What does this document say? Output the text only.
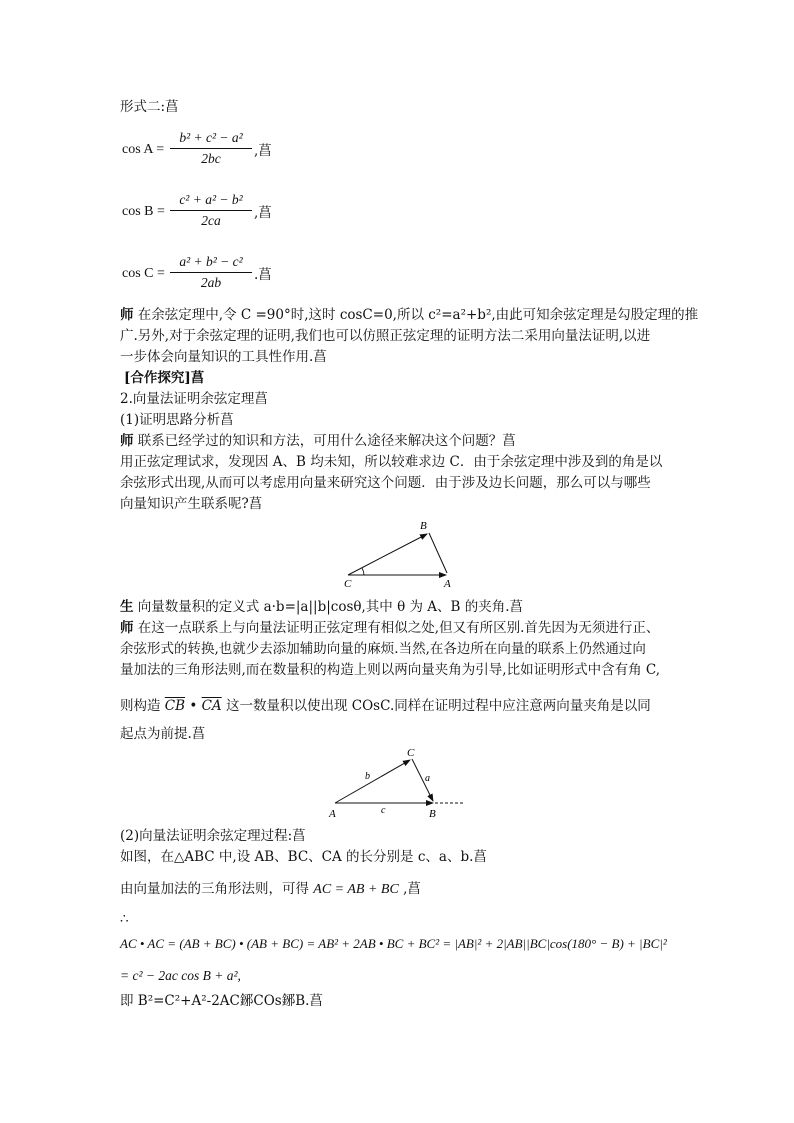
形式二:菖
cos A =
b² + c² − a²
2bc	,菖
cos B =
c² + a² − b²
2ca	,菖
cos C =
a² + b² − c²
2ab	.菖
师 在余弦定理中,令 C =90°时,这时 cosC=0,所以 c²=a²+b²,由此可知余弦定理是勾股定理的推
广.另外,对于余弦定理的证明,我们也可以仿照正弦定理的证明方法二采用向量法证明,以进
一步体会向量知识的工具性作用.菖
[合作探究]菖
2.向量法证明余弦定理菖
(1)证明思路分析菖
师 联系已经学过的知识和方法，可用什么途径来解决这个问题？菖
用正弦定理试求，发现因 A、B 均未知，所以较难求边 C．由于余弦定理中涉及到的角是以
余弦形式出现,从而可以考虑用向量来研究这个问题．由于涉及边长问题，那么可以与哪些
向量知识产生联系呢?菖
B
C	A
生 向量数量积的定义式 a·b=|a||b|cosθ,其中 θ 为 A、B 的夹角.菖
师 在这一点联系上与向量法证明正弦定理有相似之处,但又有所区别.首先因为无须进行正、
余弦形式的转换,也就少去添加辅助向量的麻烦.当然,在各边所在向量的联系上仍然通过向
量加法的三角形法则,而在数量积的构造上则以两向量夹角为引导,比如证明形式中含有角 C,
则构造 $\overline{CB}$ • $\overline{CA}$ 这一数量积以使出现 COsC.同样在证明过程中应注意两向量夹角是以同
起点为前提.菖
C
b	a
A	c	B
(2)向量法证明余弦定理过程:菖
如图，在△ABC 中,设 AB、BC、CA 的长分别是 c、a、b.菖
由向量加法的三角形法则，可得 AC = AB + BC ,菖
∴
AC • AC = (AB + BC) • (AB + BC) = AB² + 2AB • BC + BC² = |AB|² + 2|AB||BC|cos(180° − B) + |BC|²
= c² − 2ac cos B + a²,
即 B²=C²+A²-2AC鋣COs鋣B.菖
